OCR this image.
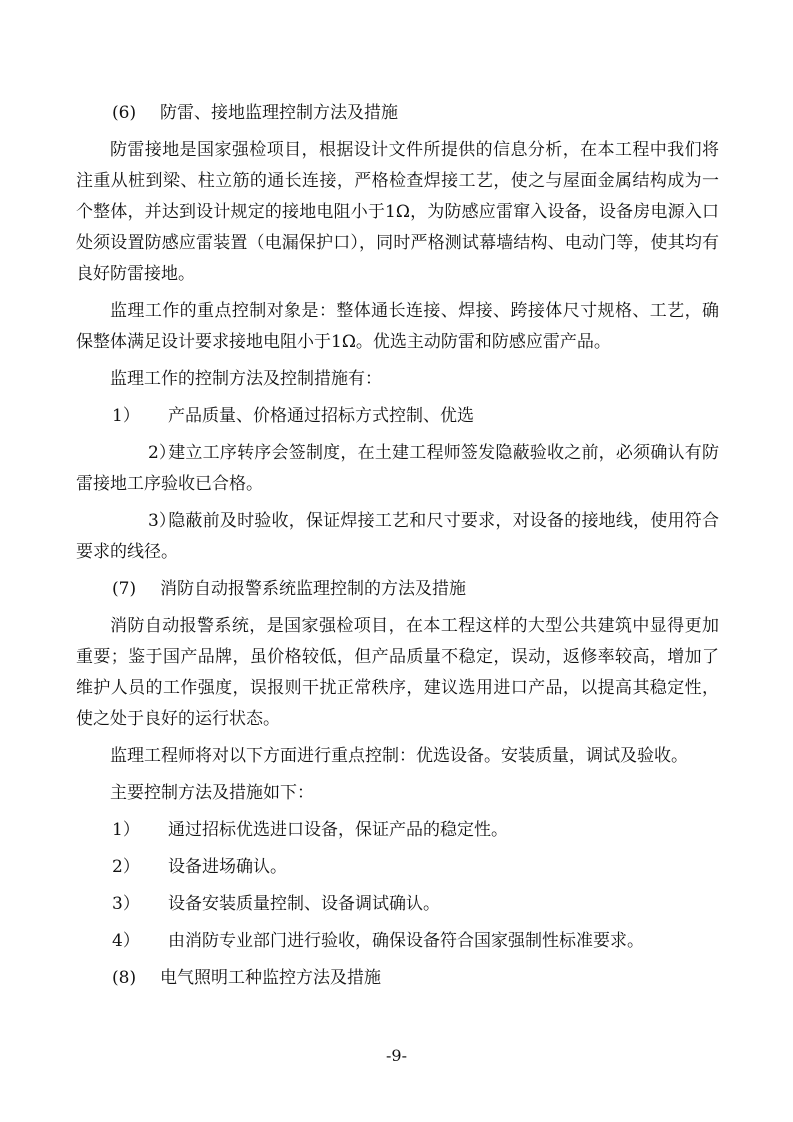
(6) 防雷、接地监理控制方法及措施

防雷接地是国家强检项目，根据设计文件所提供的信息分析，在本工程中我们将注重从桩到梁、柱立筋的通长连接，严格检查焊接工艺，使之与屋面金属结构成为一个整体，并达到设计规定的接地电阻小于1Ω，为防感应雷窜入设备，设备房电源入口处须设置防感应雷装置（电漏保护口），同时严格测试幕墙结构、电动门等，使其均有良好防雷接地。

监理工作的重点控制对象是：整体通长连接、焊接、跨接体尺寸规格、工艺，确保整体满足设计要求接地电阻小于1Ω。优选主动防雷和防感应雷产品。

监理工作的控制方法及控制措施有：

1） 产品质量、价格通过招标方式控制、优选

2）建立工序转序会签制度，在土建工程师签发隐蔽验收之前，必须确认有防雷接地工序验收已合格。

3）隐蔽前及时验收，保证焊接工艺和尺寸要求，对设备的接地线，使用符合要求的线径。

(7) 消防自动报警系统监理控制的方法及措施

消防自动报警系统，是国家强检项目，在本工程这样的大型公共建筑中显得更加重要；鉴于国产品牌，虽价格较低，但产品质量不稳定，误动，返修率较高，增加了维护人员的工作强度，误报则干扰正常秩序，建议选用进口产品，以提高其稳定性，使之处于良好的运行状态。

监理工程师将对以下方面进行重点控制：优选设备。安装质量，调试及验收。

主要控制方法及措施如下：

1） 通过招标优选进口设备，保证产品的稳定性。

2） 设备进场确认。

3） 设备安装质量控制、设备调试确认。

4） 由消防专业部门进行验收，确保设备符合国家强制性标准要求。

(8) 电气照明工种监控方法及措施

-9-
